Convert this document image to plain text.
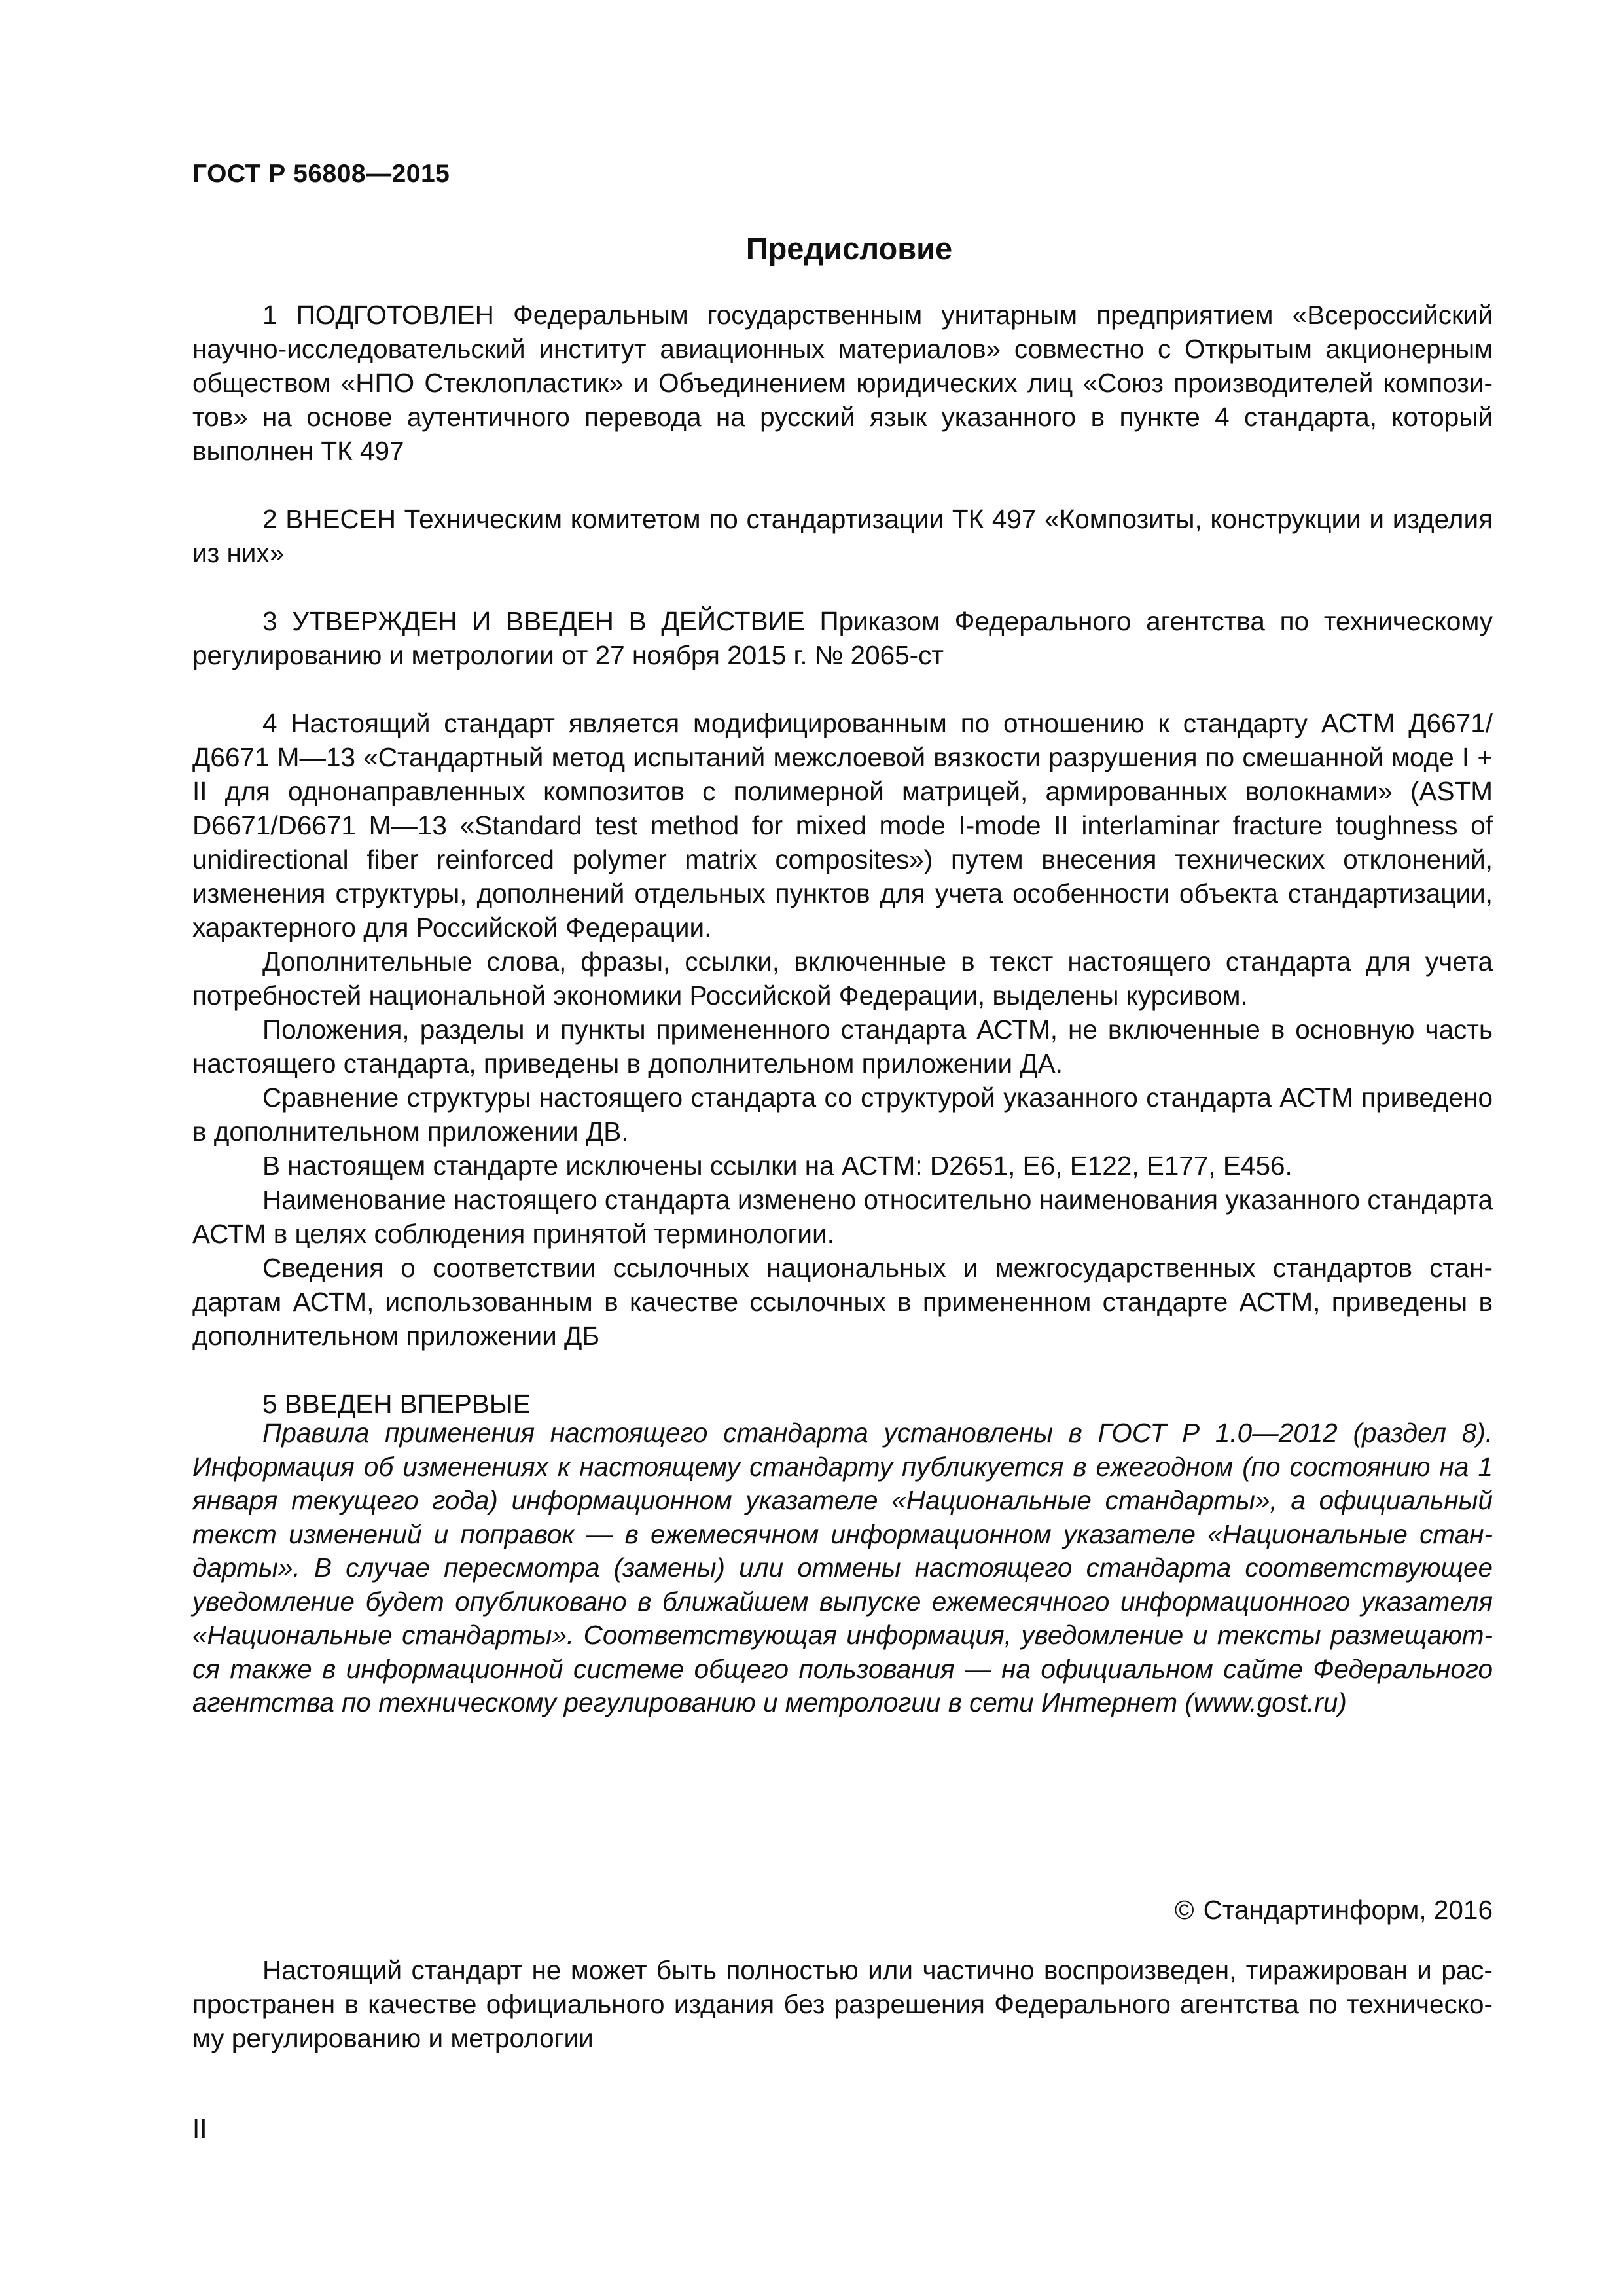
ГОСТ Р 56808—2015
Предисловие

1 ПОДГОТОВЛЕН Федеральным государственным унитарным предприятием «Всероссийский научно-исследовательский институт авиационных материалов» совместно с Открытым акционерным обществом «НПО Стеклопластик» и Объединением юридических лиц «Союз производителей композитов» на основе аутентичного перевода на русский язык указанного в пункте 4 стандарта, который выполнен ТК 497

2 ВНЕСЕН Техническим комитетом по стандартизации ТК 497 «Композиты, конструкции и изделия из них»

3 УТВЕРЖДЕН И ВВЕДЕН В ДЕЙСТВИЕ Приказом Федерального агентства по техническому регулированию и метрологии от 27 ноября 2015 г. № 2065-ст

4 Настоящий стандарт является модифицированным по отношению к стандарту АСТМ Д6671/Д6671 М—13 «Стандартный метод испытаний межслоевой вязкости разрушения по смешанной моде I + II для однонаправленных композитов с полимерной матрицей, армированных волокнами» (ASTM D6671/D6671 M—13 «Standard test method for mixed mode I-mode II interlaminar fracture toughness of unidirectional fiber reinforced polymer matrix composites») путем внесения технических отклонений, изменения структуры, дополнений отдельных пунктов для учета особенности объекта стандартизации, характерного для Российской Федерации.

Дополнительные слова, фразы, ссылки, включенные в текст настоящего стандарта для учета потребностей национальной экономики Российской Федерации, выделены курсивом.

Положения, разделы и пункты примененного стандарта АСТМ, не включенные в основную часть настоящего стандарта, приведены в дополнительном приложении ДА.

Сравнение структуры настоящего стандарта со структурой указанного стандарта АСТМ приведено в дополнительном приложении ДВ.

В настоящем стандарте исключены ссылки на АСТМ: D2651, E6, E122, E177, E456.

Наименование настоящего стандарта изменено относительно наименования указанного стандарта АСТМ в целях соблюдения принятой терминологии.

Сведения о соответствии ссылочных национальных и межгосударственных стандартов стандартам АСТМ, использованным в качестве ссылочных в примененном стандарте АСТМ, приведены в дополнительном приложении ДБ

5 ВВЕДЕН ВПЕРВЫЕ

Правила применения настоящего стандарта установлены в ГОСТ Р 1.0—2012 (раздел 8). Информация об изменениях к настоящему стандарту публикуется в ежегодном (по состоянию на 1 января текущего года) информационном указателе «Национальные стандарты», а официальный текст изменений и поправок — в ежемесячном информационном указателе «Национальные стандарты». В случае пересмотра (замены) или отмены настоящего стандарта соответствующее уведомление будет опубликовано в ближайшем выпуске ежемесячного информационного указателя «Национальные стандарты». Соответствующая информация, уведомление и тексты размещаются также в информационной системе общего пользования — на официальном сайте Федерального агентства по техническому регулированию и метрологии в сети Интернет (www.gost.ru)
© Стандартинформ, 2016
Настоящий стандарт не может быть полностью или частично воспроизведен, тиражирован и распространен в качестве официального издания без разрешения Федерального агентства по техническому регулированию и метрологии
II
